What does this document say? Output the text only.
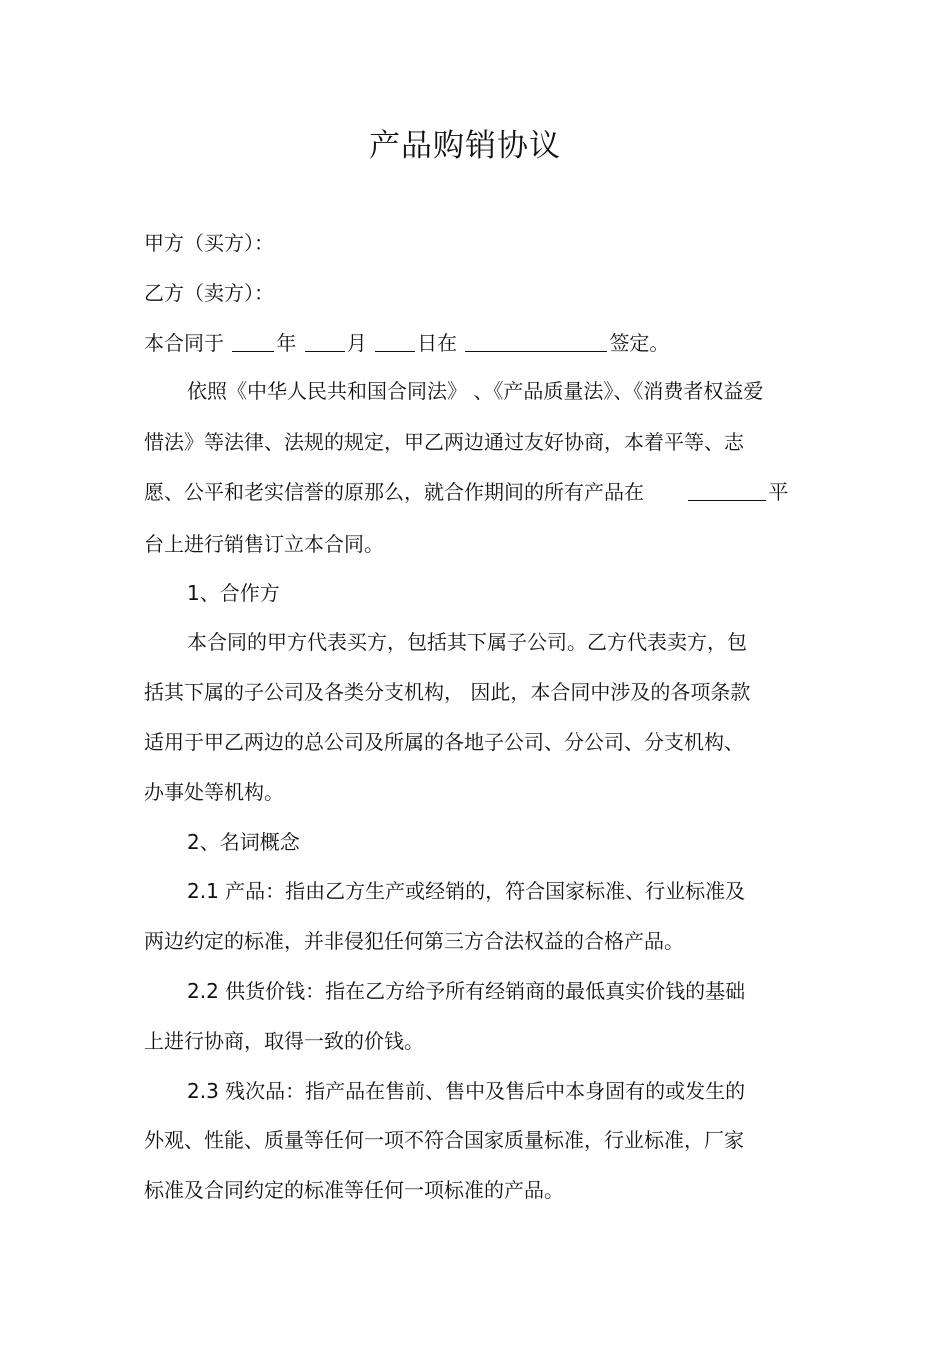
产品购销协议
甲方（买方）：
乙方（卖方）：
本合同于	年	月	日在	签定。
依照《中华人民共和国合同法》 、《产品质量法》、《消费者权益爱
惜法》等法律、法规的规定，甲乙两边通过友好协商，本着平等、志
愿、公平和老实信誉的原那么，就合作期间的所有产品在	平
台上进行销售订立本合同。
1、合作方
本合同的甲方代表买方，包括其下属子公司。乙方代表卖方，包
括其下属的子公司及各类分支机构， 因此，本合同中涉及的各项条款
适用于甲乙两边的总公司及所属的各地子公司、分公司、分支机构、
办事处等机构。
2、名词概念
2.1 产品：指由乙方生产或经销的，符合国家标准、行业标准及
两边约定的标准，并非侵犯任何第三方合法权益的合格产品。
2.2 供货价钱：指在乙方给予所有经销商的最低真实价钱的基础
上进行协商，取得一致的价钱。
2.3 残次品：指产品在售前、售中及售后中本身固有的或发生的
外观、性能、质量等任何一项不符合国家质量标准，行业标准，厂家
标准及合同约定的标准等任何一项标准的产品。
